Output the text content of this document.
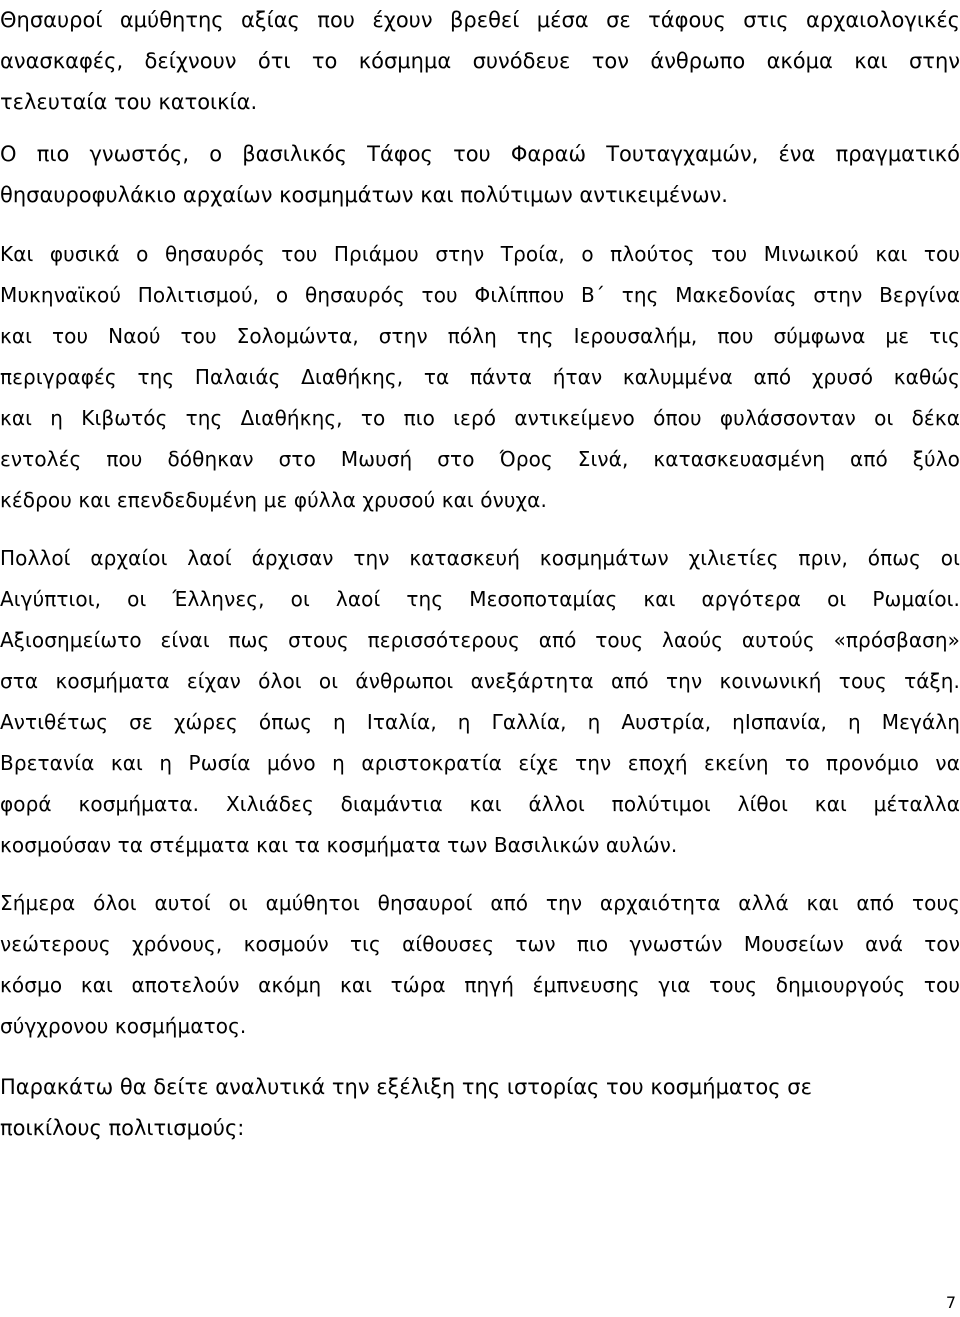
Θησαυροί αμύθητης αξίας που έχουν βρεθεί μέσα σε τάφους στις αρχαιολογικές
ανασκαφές, δείχνουν ότι το κόσμημα συνόδευε τον άνθρωπο ακόμα και στην
τελευταία του κατοικία.

Ο πιο γνωστός, ο βασιλικός Τάφος του Φαραώ Τουταγχαμών, ένα πραγματικό
θησαυροφυλάκιο αρχαίων κοσμημάτων και πολύτιμων αντικειμένων.

Και φυσικά ο θησαυρός του Πριάμου στην Τροία, ο πλούτος του Μινωικού και του
Μυκηναϊκού Πολιτισμού, ο θησαυρός του Φιλίππου Β΄ της Μακεδονίας στην Βεργίνα
και του Ναού του Σολομώντα, στην πόλη της Ιερουσαλήμ, που σύμφωνα με τις
περιγραφές της Παλαιάς Διαθήκης, τα πάντα ήταν καλυμμένα από χρυσό καθώς
και η Κιβωτός της Διαθήκης, το πιο ιερό αντικείμενο όπου φυλάσσονταν οι δέκα
εντολές που δόθηκαν στο Μωυσή στο Όρος Σινά, κατασκευασμένη από ξύλο
κέδρου και επενδεδυμένη με φύλλα χρυσού και όνυχα.

Πολλοί αρχαίοι λαοί άρχισαν την κατασκευή κοσμημάτων χιλιετίες πριν, όπως οι
Αιγύπτιοι, οι Έλληνες, οι λαοί της Μεσοποταμίας και αργότερα οι Ρωμαίοι.
Αξιοσημείωτο είναι πως στους περισσότερους από τους λαούς αυτούς «πρόσβαση»
στα κοσμήματα είχαν όλοι οι άνθρωποι ανεξάρτητα από την κοινωνική τους τάξη.
Αντιθέτως σε χώρες όπως η Ιταλία, η Γαλλία, η Αυστρία, ηΙσπανία, η Μεγάλη
Βρετανία και η Ρωσία μόνο η αριστοκρατία είχε την εποχή εκείνη το προνόμιο να
φορά κοσμήματα. Χιλιάδες διαμάντια και άλλοι πολύτιμοι λίθοι και μέταλλα
κοσμούσαν τα στέμματα και τα κοσμήματα των Βασιλικών αυλών.

Σήμερα όλοι αυτοί οι αμύθητοι θησαυροί από την αρχαιότητα αλλά και από τους
νεώτερους χρόνους, κοσμούν τις αίθουσες των πιο γνωστών Μουσείων ανά τον
κόσμο και αποτελούν ακόμη και τώρα πηγή έμπνευσης για τους δημιουργούς του
σύγχρονου κοσμήματος.

Παρακάτω θα δείτε αναλυτικά την εξέλιξη της ιστορίας του κοσμήματος σε
ποικίλους πολιτισμούς:

7
